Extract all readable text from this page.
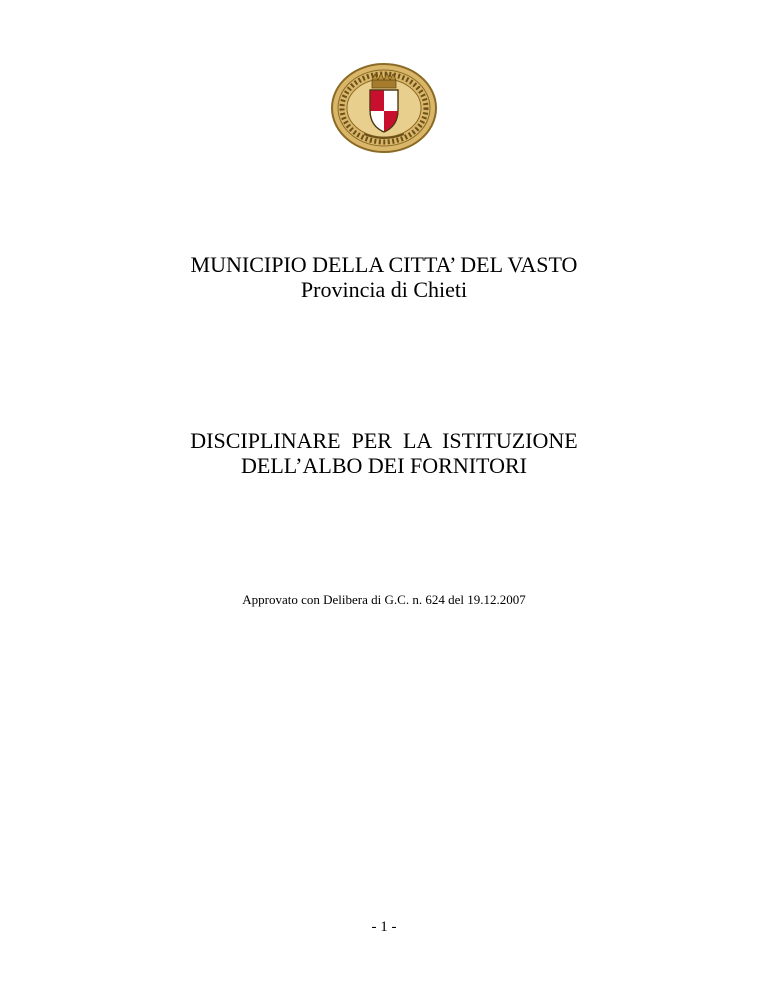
MUNICIPIO DELLA CITTA’ DEL VASTO
Provincia di Chieti
DISCIPLINARE  PER  LA  ISTITUZIONE
DELL’ALBO DEI FORNITORI
Approvato con Delibera di G.C. n. 624 del 19.12.2007
- 1 -
